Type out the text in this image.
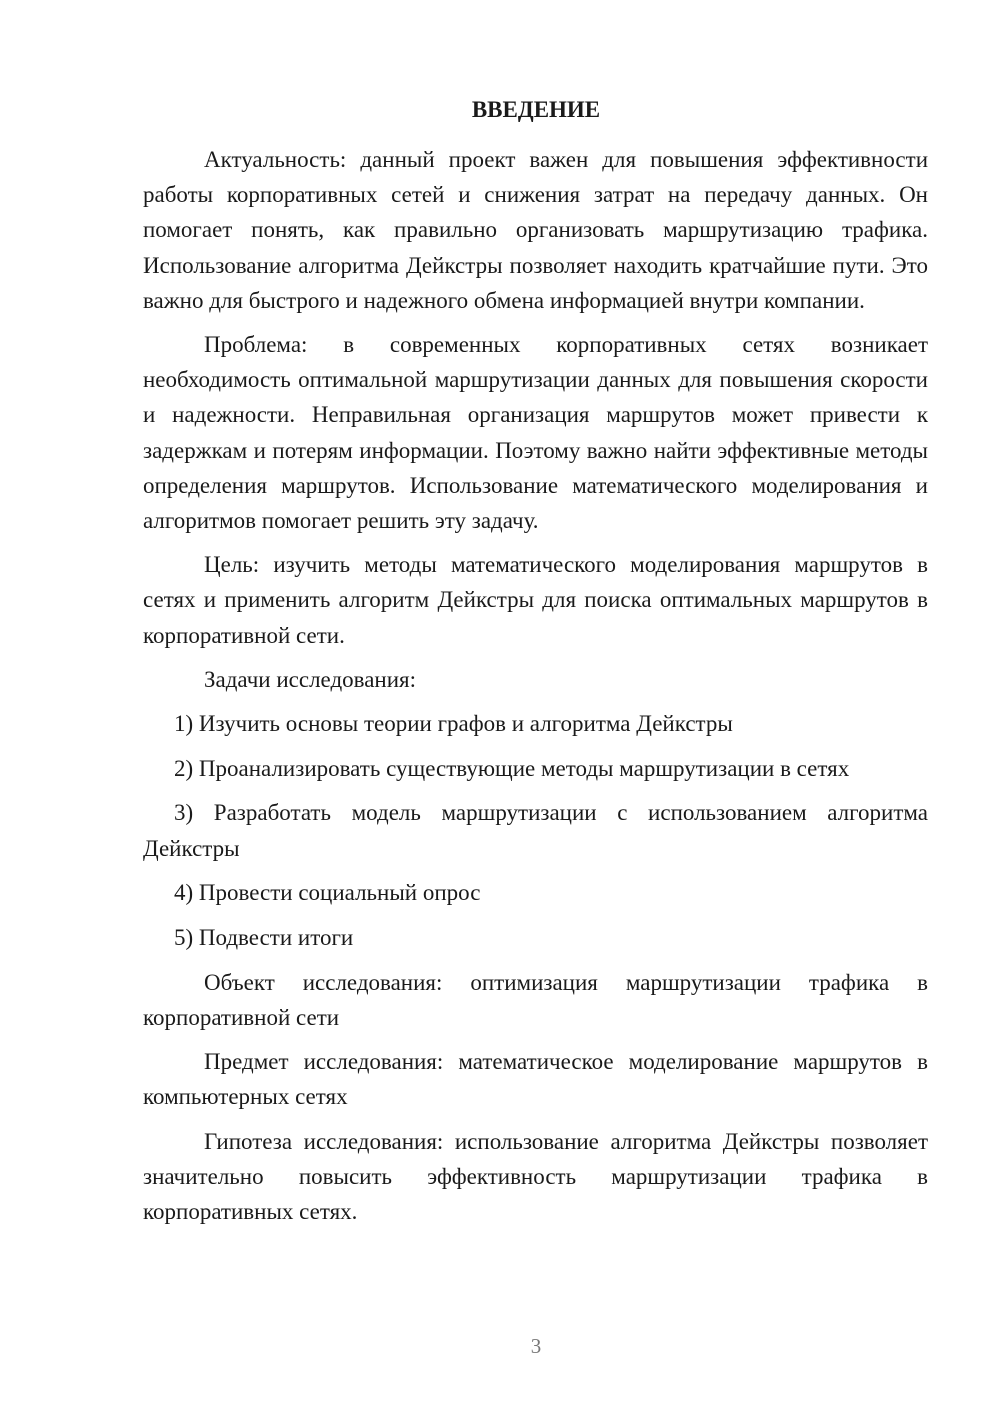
ВВЕДЕНИЕ

Актуальность: данный проект важен для повышения эффективности работы корпоративных сетей и снижения затрат на передачу данных. Он помогает понять, как правильно организовать маршрутизацию трафика. Использование алгоритма Дейкстры позволяет находить кратчайшие пути. Это важно для быстрого и надежного обмена информацией внутри компании.

Проблема: в современных корпоративных сетях возникает необходимость оптимальной маршрутизации данных для повышения скорости и надежности. Неправильная организация маршрутов может привести к задержкам и потерям информации. Поэтому важно найти эффективные методы определения маршрутов. Использование математического моделирования и алгоритмов помогает решить эту задачу.

Цель: изучить методы математического моделирования маршрутов в сетях и применить алгоритм Дейкстры для поиска оптимальных маршрутов в корпоративной сети.

Задачи исследования:

1) Изучить основы теории графов и алгоритма Дейкстры

2) Проанализировать существующие методы маршрутизации в сетях

3) Разработать модель маршрутизации с использованием алгоритма Дейкстры

4) Провести социальный опрос

5) Подвести итоги

Объект исследования: оптимизация маршрутизации трафика в корпоративной сети

Предмет исследования: математическое моделирование маршрутов в компьютерных сетях

Гипотеза исследования: использование алгоритма Дейкстры позволяет значительно повысить эффективность маршрутизации трафика в корпоративных сетях.

3
